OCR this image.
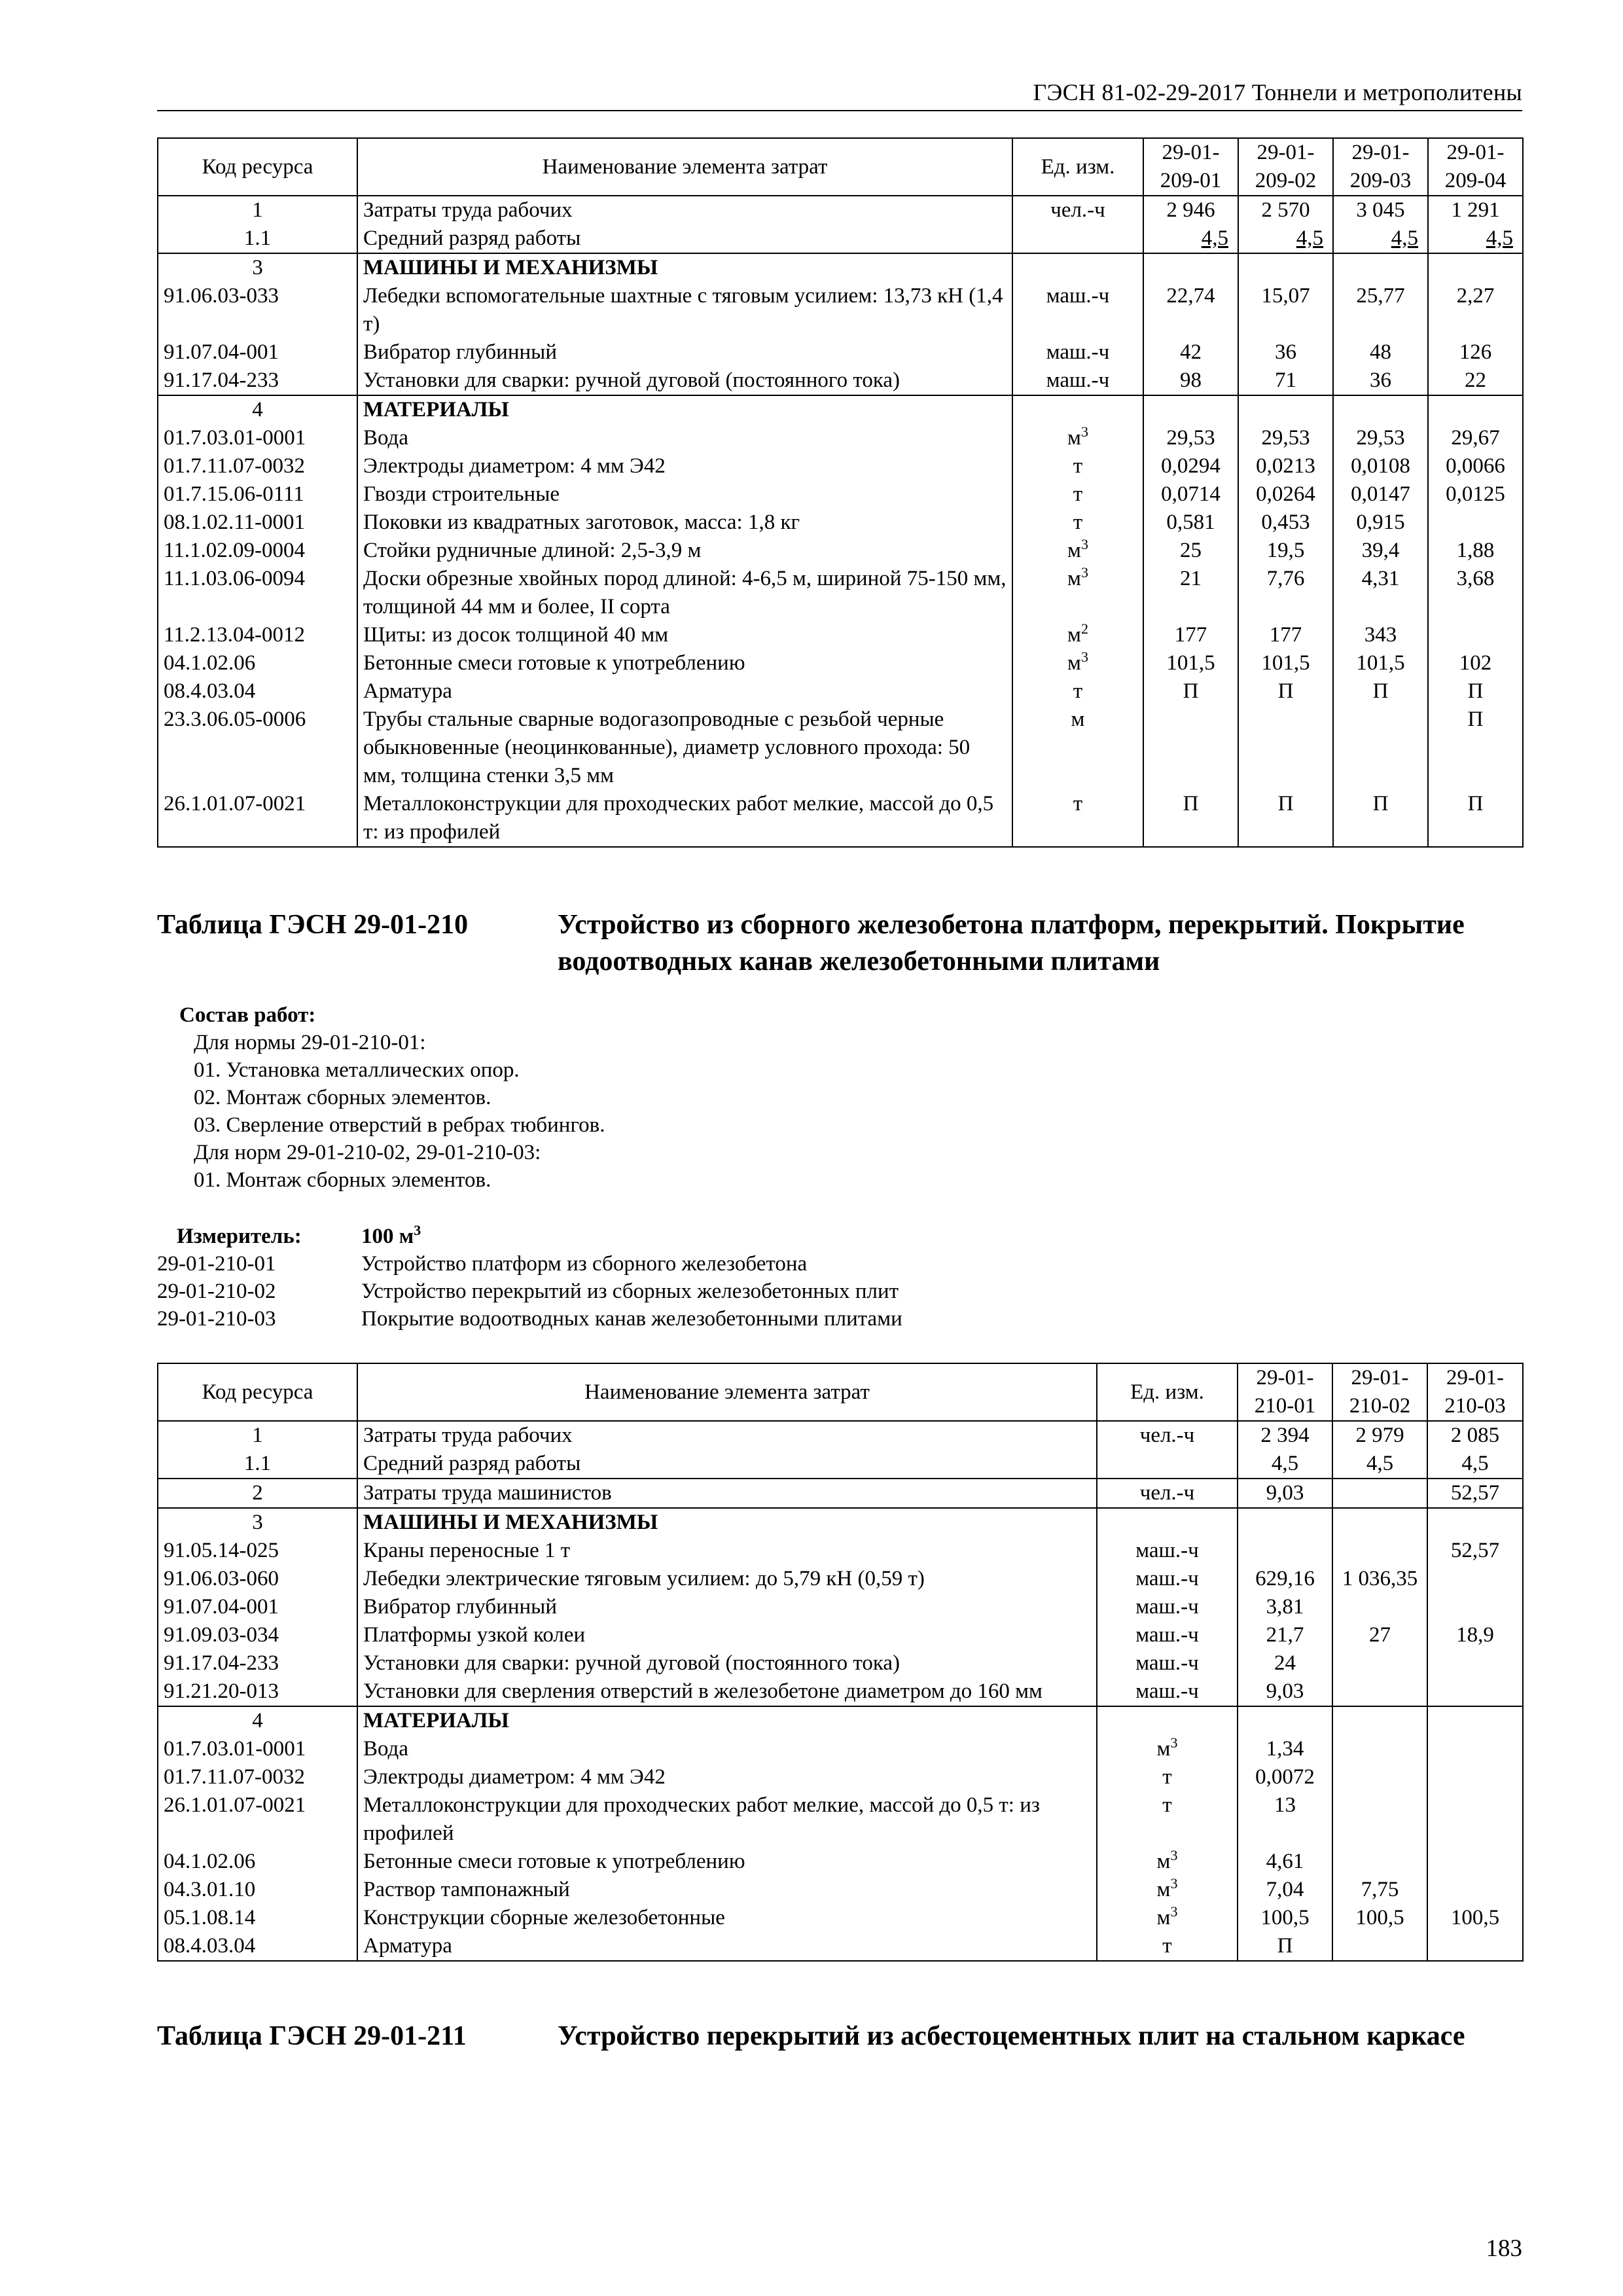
ГЭСН 81-02-29-2017 Тоннели и метрополитены
Код ресурса	Наименование элемента затрат	Ед. изм.	29-01-209-01	29-01-209-02	29-01-209-03	29-01-209-04
1	Затраты труда рабочих	чел.-ч	2 946	2 570	3 045	1 291
1.1	Средний разряд работы		4,5	4,5	4,5	4,5
3	МАШИНЫ И МЕХАНИЗМЫ					
91.06.03-033	Лебедки вспомогательные шахтные с тяговым усилием: 13,73 кН (1,4 т)	маш.-ч	22,74	15,07	25,77	2,27
91.07.04-001	Вибратор глубинный	маш.-ч	42	36	48	126
91.17.04-233	Установки для сварки: ручной дуговой (постоянного тока)	маш.-ч	98	71	36	22
4	МАТЕРИАЛЫ					
01.7.03.01-0001	Вода	$м^3$	29,53	29,53	29,53	29,67
01.7.11.07-0032	Электроды диаметром: 4 мм Э42	т	0,0294	0,0213	0,0108	0,0066
01.7.15.06-0111	Гвозди строительные	т	0,0714	0,0264	0,0147	0,0125
08.1.02.11-0001	Поковки из квадратных заготовок, масса: 1,8 кг	т	0,581	0,453	0,915	
11.1.02.09-0004	Стойки рудничные длиной: 2,5-3,9 м	$м^3$	25	19,5	39,4	1,88
11.1.03.06-0094	Доски обрезные хвойных пород длиной: 4-6,5 м, шириной 75-150 мм, толщиной 44 мм и более, II сорта	$м^3$	21	7,76	4,31	3,68
11.2.13.04-0012	Щиты: из досок толщиной 40 мм	$м^2$	177	177	343	
04.1.02.06	Бетонные смеси готовые к употреблению	$м^3$	101,5	101,5	101,5	102
08.4.03.04	Арматура	т	П	П	П	П
23.3.06.05-0006	Трубы стальные сварные водогазопроводные с резьбой черные обыкновенные (неоцинкованные), диаметр условного прохода: 50 мм, толщина стенки 3,5 мм	м				П
26.1.01.07-0021	Металлоконструкции для проходческих работ мелкие, массой до 0,5 т: из профилей	т	П	П	П	П
Таблица ГЭСН 29-01-210	Устройство из сборного железобетона платформ, перекрытий. Покрытие водоотводных канав железобетонными плитами
Состав работ:
Для нормы 29-01-210-01:
01. Установка металлических опор.
02. Монтаж сборных элементов.
03. Сверление отверстий в ребрах тюбингов.
Для норм 29-01-210-02, 29-01-210-03:
01. Монтаж сборных элементов.
Измеритель:	100 $м^3$
29-01-210-01	Устройство платформ из сборного железобетона
29-01-210-02	Устройство перекрытий из сборных железобетонных плит
29-01-210-03	Покрытие водоотводных канав железобетонными плитами
Код ресурса	Наименование элемента затрат	Ед. изм.	29-01-210-01	29-01-210-02	29-01-210-03
1	Затраты труда рабочих	чел.-ч	2 394	2 979	2 085
1.1	Средний разряд работы		4,5	4,5	4,5
2	Затраты труда машинистов	чел.-ч	9,03		52,57
3	МАШИНЫ И МЕХАНИЗМЫ				
91.05.14-025	Краны переносные 1 т	маш.-ч			52,57
91.06.03-060	Лебедки электрические тяговым усилием: до 5,79 кН (0,59 т)	маш.-ч	629,16	1 036,35	
91.07.04-001	Вибратор глубинный	маш.-ч	3,81		
91.09.03-034	Платформы узкой колеи	маш.-ч	21,7	27	18,9
91.17.04-233	Установки для сварки: ручной дуговой (постоянного тока)	маш.-ч	24		
91.21.20-013	Установки для сверления отверстий в железобетоне диаметром до 160 мм	маш.-ч	9,03		
4	МАТЕРИАЛЫ				
01.7.03.01-0001	Вода	$м^3$	1,34		
01.7.11.07-0032	Электроды диаметром: 4 мм Э42	т	0,0072		
26.1.01.07-0021	Металлоконструкции для проходческих работ мелкие, массой до 0,5 т: из профилей	т	13		
04.1.02.06	Бетонные смеси готовые к употреблению	$м^3$	4,61		
04.3.01.10	Раствор тампонажный	$м^3$	7,04	7,75	
05.1.08.14	Конструкции сборные железобетонные	$м^3$	100,5	100,5	100,5
08.4.03.04	Арматура	т	П		
Таблица ГЭСН 29-01-211	Устройство перекрытий из асбестоцементных плит на стальном каркасе
183
